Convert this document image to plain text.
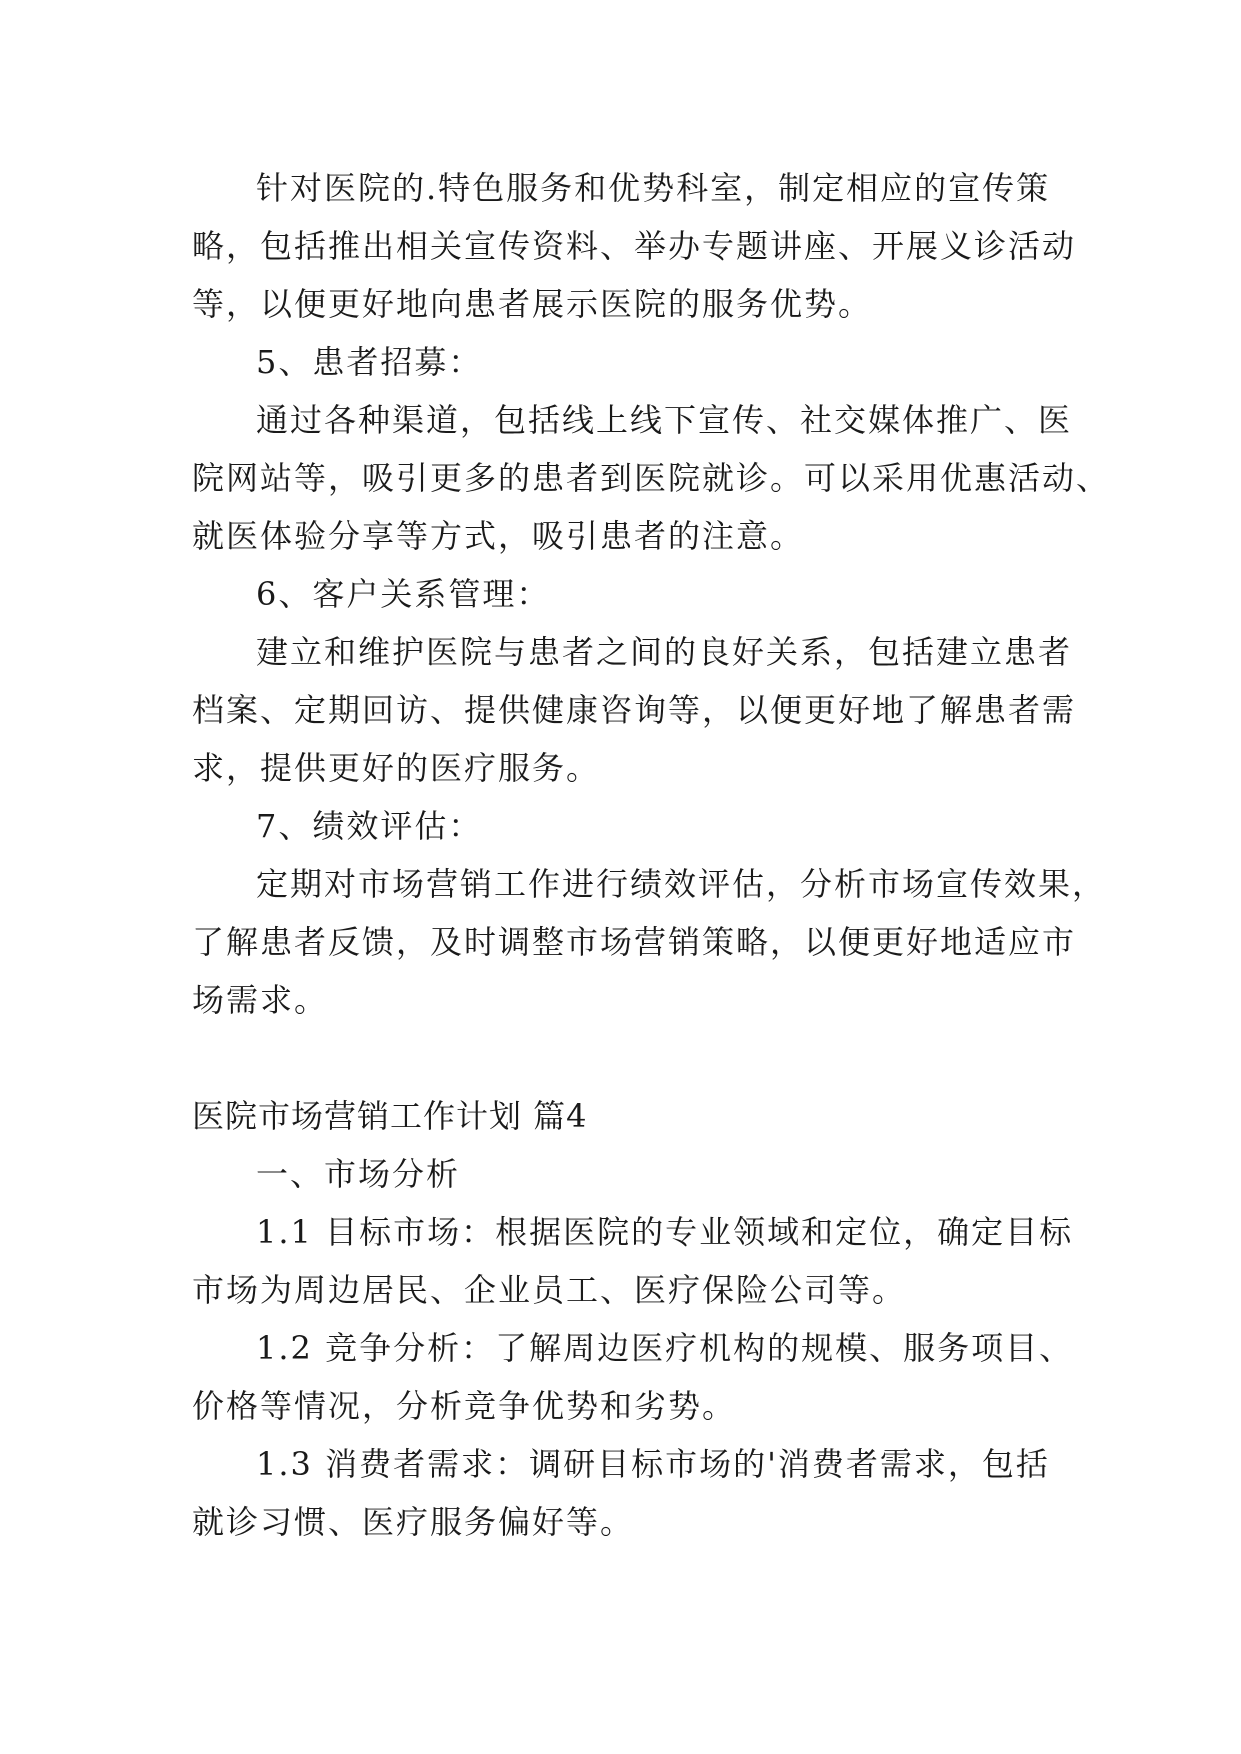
针对医院的.特色服务和优势科室，制定相应的宣传策
略，包括推出相关宣传资料、举办专题讲座、开展义诊活动
等，以便更好地向患者展示医院的服务优势。
5、患者招募：
通过各种渠道，包括线上线下宣传、社交媒体推广、医
院网站等，吸引更多的患者到医院就诊。可以采用优惠活动、
就医体验分享等方式，吸引患者的注意。
6、客户关系管理：
建立和维护医院与患者之间的良好关系，包括建立患者
档案、定期回访、提供健康咨询等，以便更好地了解患者需
求，提供更好的医疗服务。
7、绩效评估：
定期对市场营销工作进行绩效评估，分析市场宣传效果，
了解患者反馈，及时调整市场营销策略，以便更好地适应市
场需求。
医院市场营销工作计划 篇4
一、市场分析
1.1 目标市场：根据医院的专业领域和定位，确定目标
市场为周边居民、企业员工、医疗保险公司等。
1.2 竞争分析：了解周边医疗机构的规模、服务项目、
价格等情况，分析竞争优势和劣势。
1.3 消费者需求：调研目标市场的'消费者需求，包括
就诊习惯、医疗服务偏好等。
